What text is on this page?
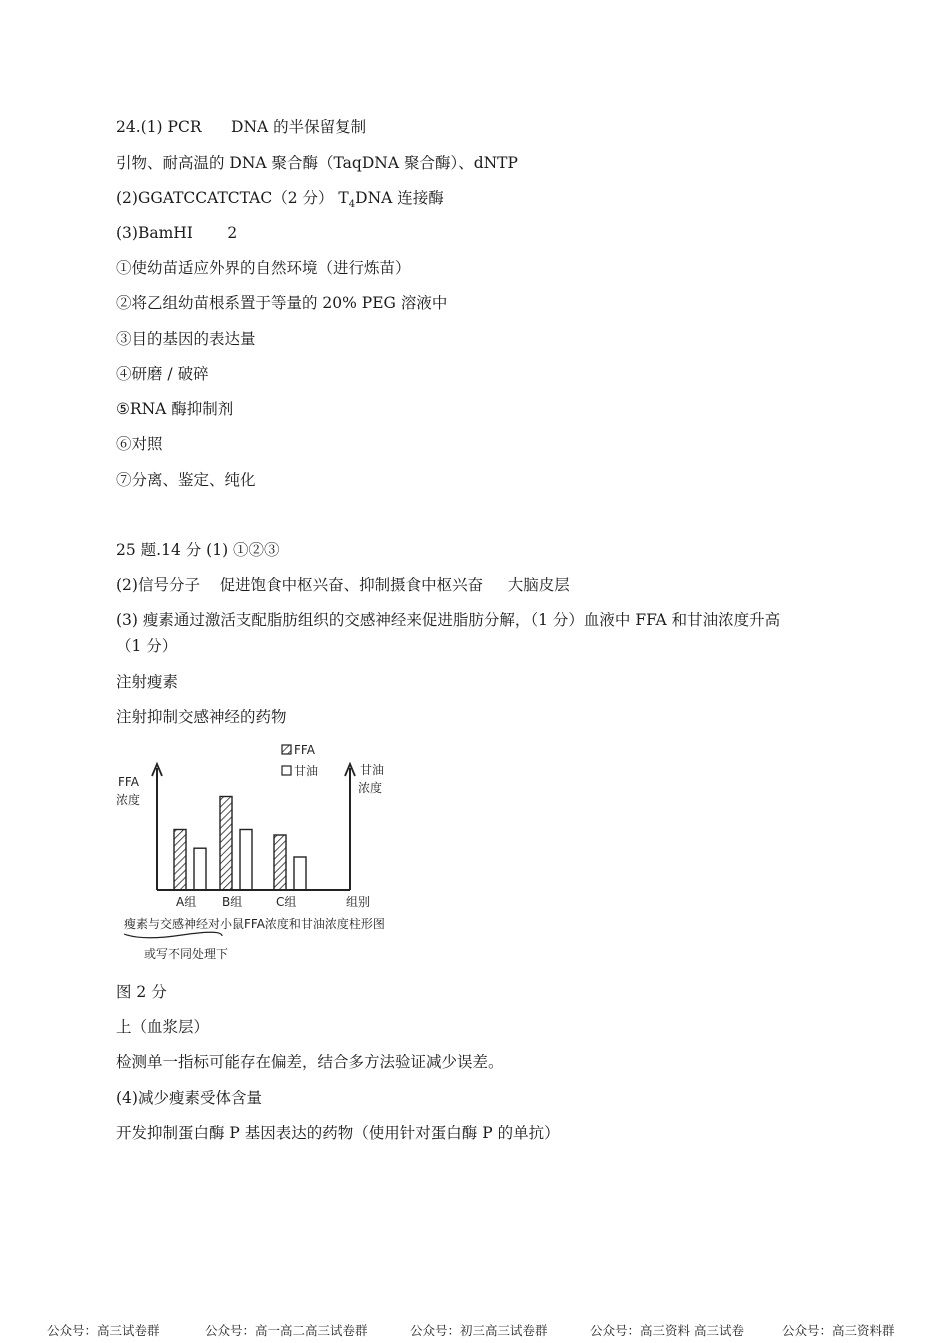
24.(1) PCR      DNA 的半保留复制
引物、耐高温的 DNA 聚合酶（TaqDNA 聚合酶）、dNTP
(2)GGATCCATCTAC（2 分） $T_4DNA$ 连接酶
(3)BamHI       2
①使幼苗适应外界的自然环境（进行炼苗）
②将乙组幼苗根系置于等量的 20% PEG 溶液中
③目的基因的表达量
④研磨 / 破碎
⑤RNA 酶抑制剂
⑥对照
⑦分离、鉴定、纯化
25 题.14 分 (1) ①②③
(2)信号分子    促进饱食中枢兴奋、抑制摄食中枢兴奋     大脑皮层
(3) 瘦素通过激活支配脂肪组织的交感神经来促进脂肪分解，（1 分）血液中 FFA 和甘油浓度升高
（1 分）
注射瘦素
注射抑制交感神经的药物
FFA
浓度
甘油
浓度
FFA
甘油
A组 B组	C组	组别
瘦素与交感神经对小鼠FFA浓度和甘油浓度柱形图
或写不同处理下
图 2 分
上（血浆层）
检测单一指标可能存在偏差，结合多方法验证减少误差。
(4)减少瘦素受体含量
开发抑制蛋白酶 P 基因表达的药物（使用针对蛋白酶 P 的单抗）
公众号：高三试卷群	公众号：高一高二高三试卷群	公众号：初三高三试卷群	公众号：高三资料 高三试卷	公众号：高三资料群
